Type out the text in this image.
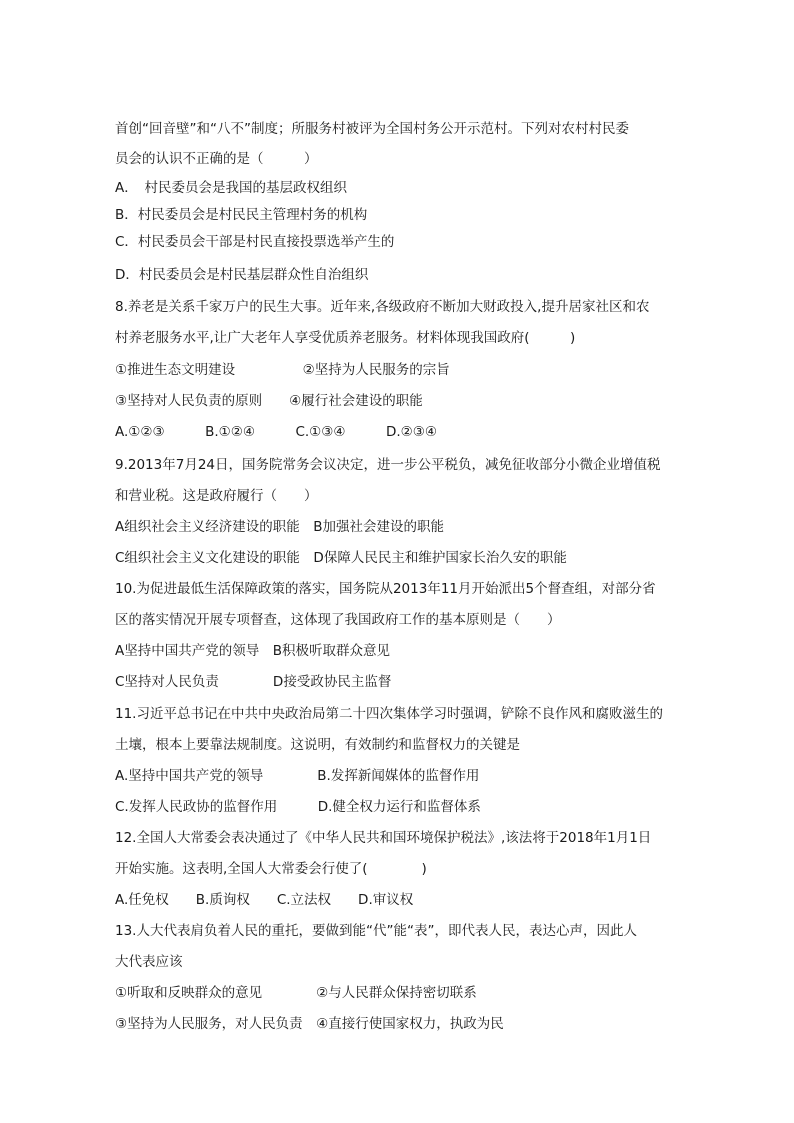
首创“回音壁”和“八不”制度；所服务村被评为全国村务公开示范村。下列对农村村民委
员会的认识不正确的是（　　　）
A．　村民委员会是我国的基层政权组织
B．村民委员会是村民民主管理村务的机构
C．村民委员会干部是村民直接投票选举产生的
D．村民委员会是村民基层群众性自治组织
8.养老是关系千家万户的民生大事。近年来,各级政府不断加大财政投入,提升居家社区和农
村养老服务水平,让广大老年人享受优质养老服务。材料体现我国政府(　　　)
①推进生态文明建设　　　　　②坚持为人民服务的宗旨
③坚持对人民负责的原则　　④履行社会建设的职能
A.①②③　　　B.①②④　　　C.①③④　　　D.②③④
9.2013年7月24日，国务院常务会议决定，进一步公平税负，减免征收部分小微企业增值税
和营业税。这是政府履行（　　）
A组织社会主义经济建设的职能　B加强社会建设的职能
C组织社会主义文化建设的职能　D保障人民民主和维护国家长治久安的职能
10.为促进最低生活保障政策的落实，国务院从2013年11月开始派出5个督查组，对部分省
区的落实情况开展专项督查，这体现了我国政府工作的基本原则是（　　）
A坚持中国共产党的领导　B积极听取群众意见
C坚持对人民负责　　　　D接受政协民主监督
11.习近平总书记在中共中央政治局第二十四次集体学习时强调，铲除不良作风和腐败滋生的
土壤，根本上要靠法规制度。这说明，有效制约和监督权力的关键是
A.坚持中国共产党的领导　　　　B.发挥新闻媒体的监督作用
C.发挥人民政协的监督作用　　　D.健全权力运行和监督体系
12.全国人大常委会表决通过了《中华人民共和国环境保护税法》,该法将于2018年1月1日
开始实施。这表明,全国人大常委会行使了(　　　　)
A.任免权　　B.质询权　　C.立法权　　D.审议权
13.人大代表肩负着人民的重托，要做到能“代”能“表”，即代表人民，表达心声，因此人
大代表应该
①听取和反映群众的意见　　　　②与人民群众保持密切联系
③坚持为人民服务，对人民负责　④直接行使国家权力，执政为民
